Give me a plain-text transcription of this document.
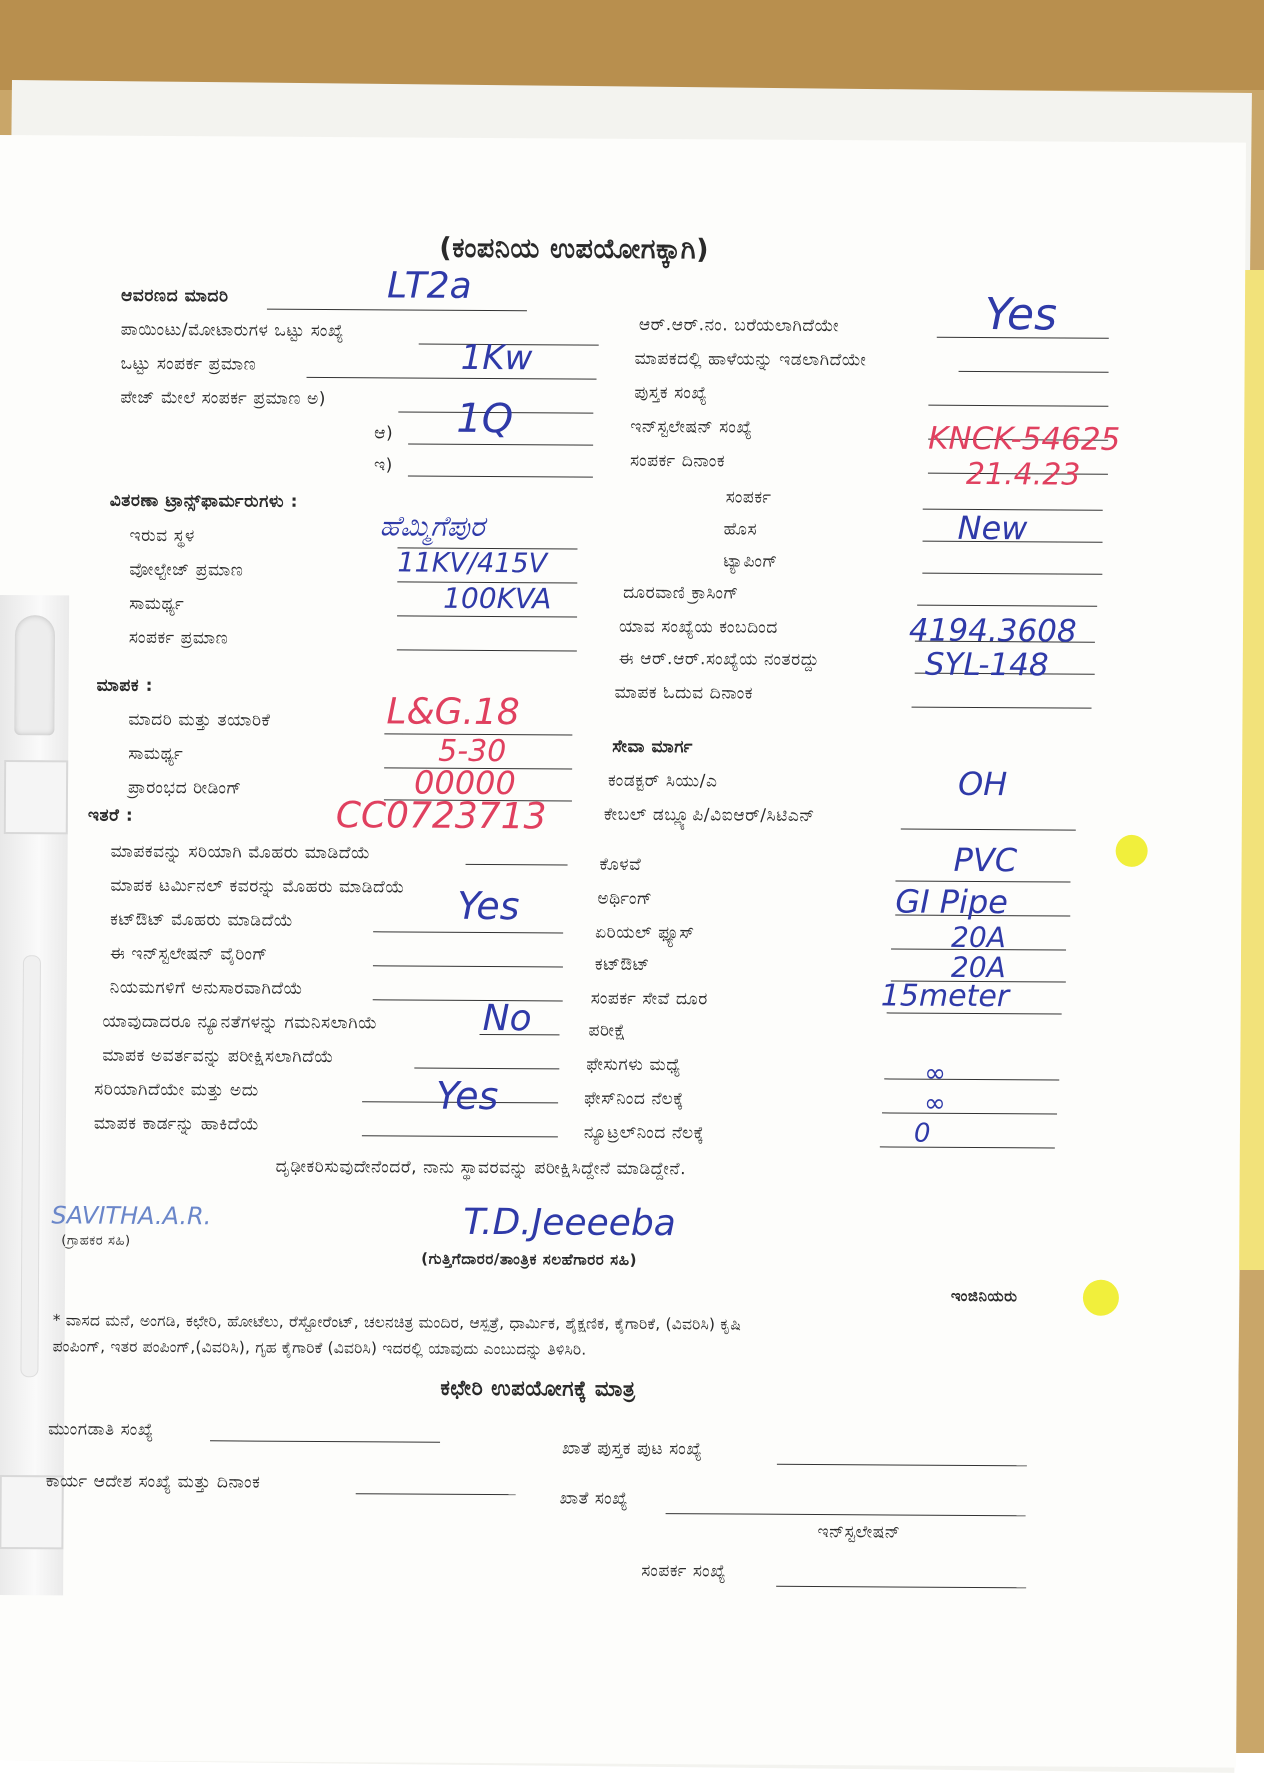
(ಕಂಪನಿಯ ಉಪಯೋಗಕ್ಕಾಗಿ)
ಆವರಣದ ಮಾದರಿ
ಪಾಯಿಂಟು/ಮೋಟಾರುಗಳ ಒಟ್ಟು ಸಂಖ್ಯೆ
ಒಟ್ಟು ಸಂಪರ್ಕ ಪ್ರಮಾಣ
ಪೇಜ್ ಮೇಲೆ ಸಂಪರ್ಕ ಪ್ರಮಾಣ ಅ)
ಆ)
ಇ)
ವಿತರಣಾ ಟ್ರಾನ್ಸ್‌ಫಾರ್ಮರುಗಳು :
ಇರುವ ಸ್ಥಳ
ವೋಲ್ಟೇಜ್ ಪ್ರಮಾಣ
ಸಾಮರ್ಥ್ಯ
ಸಂಪರ್ಕ ಪ್ರಮಾಣ
ಮಾಪಕ :
ಮಾದರಿ ಮತ್ತು ತಯಾರಿಕೆ
ಸಾಮರ್ಥ್ಯ
ಪ್ರಾರಂಭದ ರೀಡಿಂಗ್
ಇತರೆ :
ಮಾಪಕವನ್ನು ಸರಿಯಾಗಿ ಮೊಹರು ಮಾಡಿದೆಯೆ
ಮಾಪಕ ಟರ್ಮಿನಲ್ ಕವರನ್ನು ಮೊಹರು ಮಾಡಿದೆಯೆ
ಕಟ್‌ಔಟ್ ಮೊಹರು ಮಾಡಿದೆಯೆ
ಈ ಇನ್‌ಸ್ಟಲೇಷನ್ ವೈರಿಂಗ್
ನಿಯಮಗಳಿಗೆ ಅನುಸಾರವಾಗಿದೆಯೆ
ಯಾವುದಾದರೂ ನ್ಯೂನತೆಗಳನ್ನು ಗಮನಿಸಲಾಗಿಯೆ
ಮಾಪಕ ಅವರ್ತವನ್ನು ಪರೀಕ್ಷಿಸಲಾಗಿದೆಯೆ
ಸರಿಯಾಗಿದೆಯೇ ಮತ್ತು ಅದು
ಮಾಪಕ ಕಾರ್ಡನ್ನು ಹಾಕಿದೆಯೆ
ಆರ್.ಆರ್.ನಂ. ಬರೆಯಲಾಗಿದೆಯೇ
ಮಾಪಕದಲ್ಲಿ ಹಾಳೆಯನ್ನು ಇಡಲಾಗಿದೆಯೇ
ಪುಸ್ತಕ ಸಂಖ್ಯೆ
ಇನ್‌ಸ್ಟಲೇಷನ್ ಸಂಖ್ಯೆ
ಸಂಪರ್ಕ ದಿನಾಂಕ
ಸಂಪರ್ಕ
ಹೊಸ
ಟ್ಯಾಪಿಂಗ್
ದೂರವಾಣಿ ಕ್ರಾಸಿಂಗ್
ಯಾವ ಸಂಖ್ಯೆಯ ಕಂಬದಿಂದ
ಈ ಆರ್.ಆರ್.ಸಂಖ್ಯೆಯ ನಂತರದ್ದು
ಮಾಪಕ ಓದುವ ದಿನಾಂಕ
ಸೇವಾ ಮಾರ್ಗ
ಕಂಡಕ್ಟರ್ ಸಿಯು/ಎ
ಕೇಬಲ್ ಡಬ್ಲ್ಯೂಪಿ/ವಿಐಆರ್/ಸಿಟಿಎನ್
ಕೊಳವೆ
ಅರ್ಥಿಂಗ್
ಏರಿಯಲ್ ಫ್ಯೂಸ್
ಕಟ್‌ಔಟ್
ಸಂಪರ್ಕ ಸೇವೆ ದೂರ
ಪರೀಕ್ಷೆ
ಫೇಸುಗಳು ಮಧ್ಯೆ
ಫೇಸ್‌ನಿಂದ ನೆಲಕ್ಕೆ
ನ್ಯೂಟ್ರಲ್‌ನಿಂದ ನೆಲಕ್ಕೆ
ದೃಢೀಕರಿಸುವುದೇನೆಂದರೆ, ನಾನು ಸ್ಥಾವರವನ್ನು ಪರೀಕ್ಷಿಸಿದ್ದೇನೆ ಮಾಡಿದ್ದೇನೆ.
(ಗ್ರಾಹಕರ ಸಹಿ)
(ಗುತ್ತಿಗೆದಾರರ/ತಾಂತ್ರಿಕ ಸಲಹೆಗಾರರ ಸಹಿ)
ಇಂಜಿನಿಯರು
* ವಾಸದ ಮನೆ, ಅಂಗಡಿ, ಕಛೇರಿ, ಹೋಟೆಲು, ರೆಸ್ಟೋರೆಂಟ್, ಚಲನಚಿತ್ರ ಮಂದಿರ, ಆಸ್ಪತ್ರೆ, ಧಾರ್ಮಿಕ, ಶೈಕ್ಷಣಿಕ, ಕೈಗಾರಿಕೆ, (ವಿವರಿಸಿ) ಕೃಷಿ
ಪಂಪಿಂಗ್, ಇತರ ಪಂಪಿಂಗ್,(ವಿವರಿಸಿ), ಗೃಹ ಕೈಗಾರಿಕೆ (ವಿವರಿಸಿ) ಇದರಲ್ಲಿ ಯಾವುದು ಎಂಬುದನ್ನು ತಿಳಿಸಿರಿ.
ಕಛೇರಿ ಉಪಯೋಗಕ್ಕೆ ಮಾತ್ರ
ಮುಂಗಡಾತಿ ಸಂಖ್ಯೆ
ಖಾತೆ ಪುಸ್ತಕ ಪುಟ ಸಂಖ್ಯೆ
ಕಾರ್ಯ ಆದೇಶ ಸಂಖ್ಯೆ ಮತ್ತು ದಿನಾಂಕ
ಖಾತೆ ಸಂಖ್ಯೆ
ಇನ್‌ಸ್ಟಲೇಷನ್
ಸಂಪರ್ಕ ಸಂಖ್ಯೆ
LT2a
1Kw
1Q
ಹೆಮ್ಮಿಗೆಪುರ
11KV/415V
100KVA
L&G.18
5-30
00000
CC0723713
Yes
No
Yes
Yes
KNCK-54625
21.4.23
New
4194.3608
SYL-148
OH
PVC
GI Pipe
20A
20A
15meter
∞
∞
0
SAVITHA.A.R.	T.D.Jeeeeba
